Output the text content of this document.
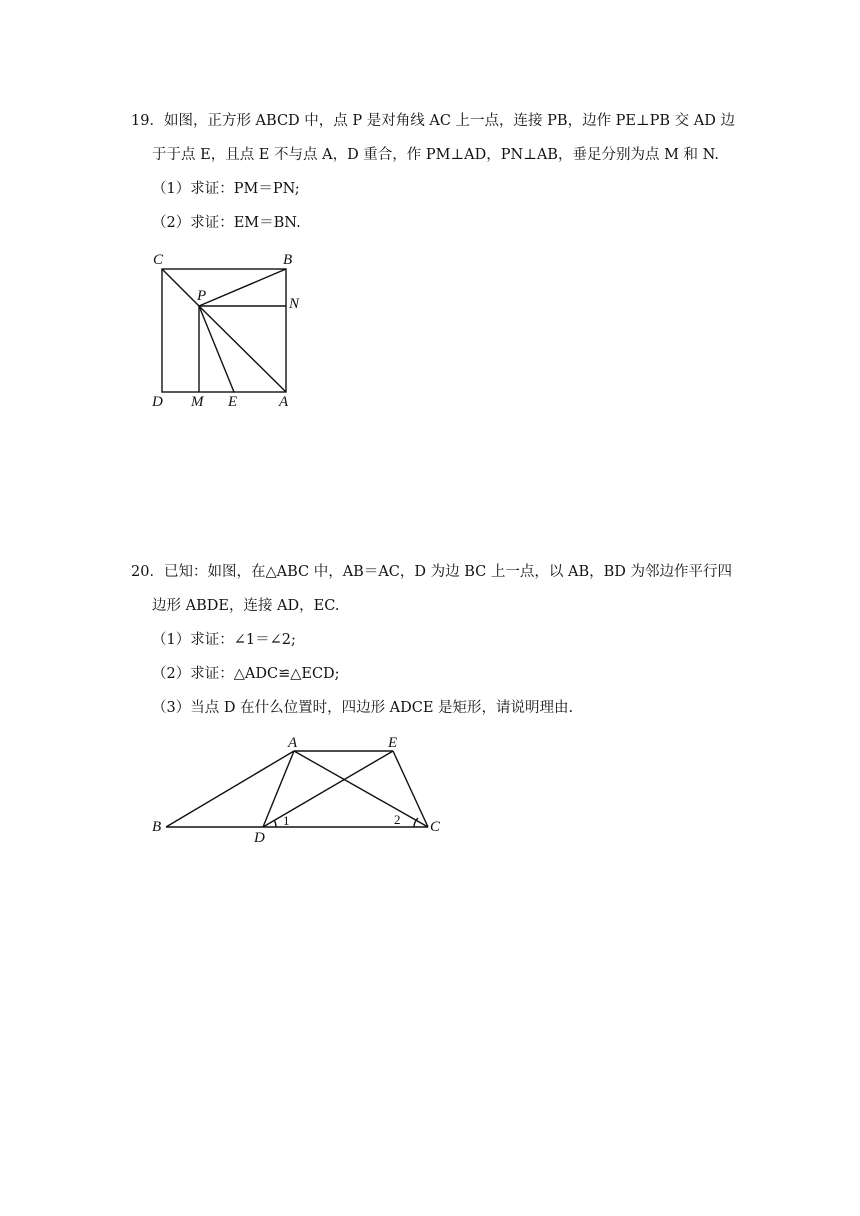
19．如图，正方形 ABCD 中，点 P 是对角线 AC 上一点，连接 PB，边作 PE⊥PB 交 AD 边
于于点 E，且点 E 不与点 A，D 重合，作 PM⊥AD，PN⊥AB，垂足分别为点 M 和 N.
（1）求证：PM＝PN;
（2）求证：EM＝BN.
C	B
P	N
D M E	A
20．已知：如图，在△ABC 中，AB＝AC，D 为边 BC 上一点，以 AB，BD 为邻边作平行四
边形 ABDE，连接 AD，EC.
（1）求证：∠1＝∠2;
（2）求证：△ADC≌△ECD;
（3）当点 D 在什么位置时，四边形 ADCE 是矩形，请说明理由.
A	E
B
D
C
1	2
